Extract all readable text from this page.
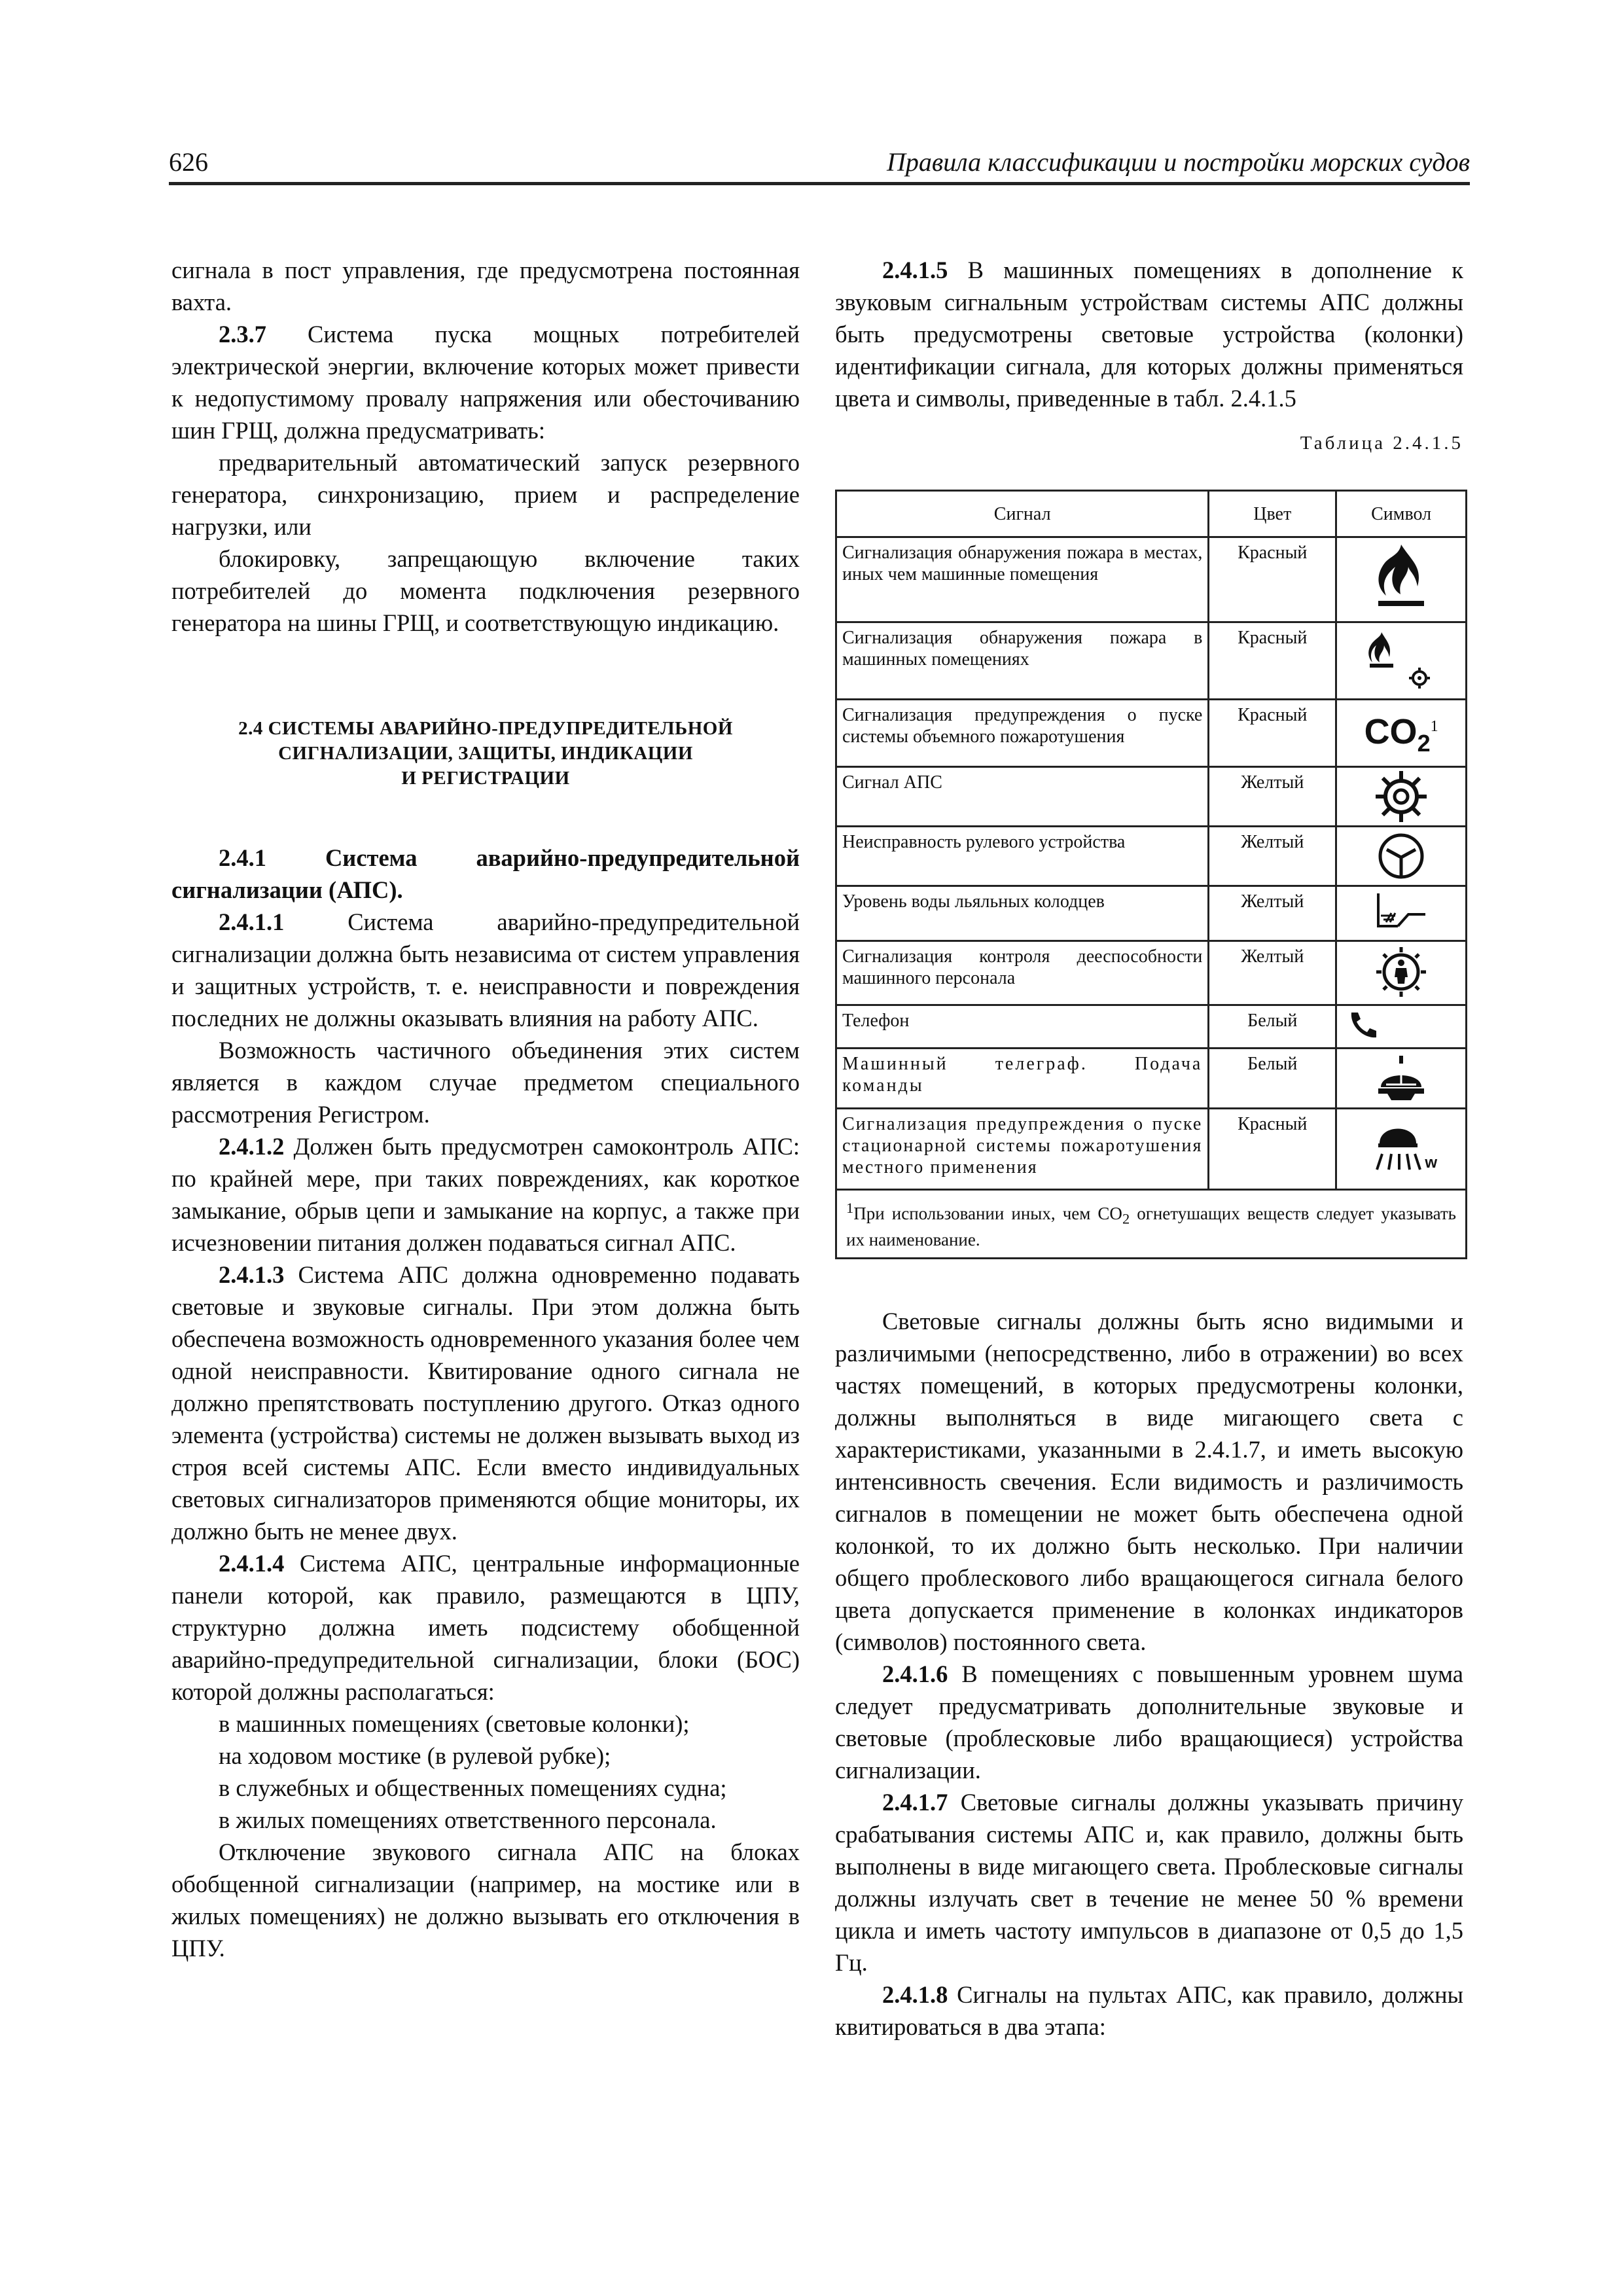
626	Правила классификации и постройки морских судов

сигнала в пост управления, где предусмотрена постоянная вахта.

2.3.7 Система пуска мощных потребителей электрической энергии, включение которых может привести к недопустимому провалу напряжения или обесточиванию шин ГРЩ, должна предусматривать:

предварительный автоматический запуск резервного генератора, синхронизацию, прием и распределение нагрузки, или

блокировку, запрещающую включение таких потребителей до момента подключения резервного генератора на шины ГРЩ, и соответствующую индикацию.

2.4 СИСТЕМЫ АВАРИЙНО-ПРЕДУПРЕДИТЕЛЬНОЙ
СИГНАЛИЗАЦИИ, ЗАЩИТЫ, ИНДИКАЦИИ
И РЕГИСТРАЦИИ

2.4.1 Система аварийно-предупредительной сигнализации (АПС).

2.4.1.1 Система аварийно-предупредительной сигнализации должна быть независима от систем управления и защитных устройств, т. е. неисправности и повреждения последних не должны оказывать влияния на работу АПС.

Возможность частичного объединения этих систем является в каждом случае предметом специального рассмотрения Регистром.

2.4.1.2 Должен быть предусмотрен самоконтроль АПС: по крайней мере, при таких повреждениях, как короткое замыкание, обрыв цепи и замыкание на корпус, а также при исчезновении питания должен подаваться сигнал АПС.

2.4.1.3 Система АПС должна одновременно подавать световые и звуковые сигналы. При этом должна быть обеспечена возможность одновременного указания более чем одной неисправности. Квитирование одного сигнала не должно препятствовать поступлению другого. Отказ одного элемента (устройства) системы не должен вызывать выход из строя всей системы АПС. Если вместо индивидуальных световых сигнализаторов применяются общие мониторы, их должно быть не менее двух.

2.4.1.4 Система АПС, центральные информационные панели которой, как правило, размещаются в ЦПУ, структурно должна иметь подсистему обобщенной аварийно-предупредительной сигнализации, блоки (БОС) которой должны располагаться:

в машинных помещениях (световые колонки);

на ходовом мостике (в рулевой рубке);

в служебных и общественных помещениях судна;

в жилых помещениях ответственного персонала.

Отключение звукового сигнала АПС на блоках обобщенной сигнализации (например, на мостике или в жилых помещениях) не должно вызывать его отключения в ЦПУ.

2.4.1.5 В машинных помещениях в дополнение к звуковым сигнальным устройствам системы АПС должны быть предусмотрены световые устройства (колонки) идентификации сигнала, для которых должны применяться цвета и символы, приведенные в табл. 2.4.1.5

Таблица 2.4.1.5
Сигнал	Цвет	Символ
Сигнализация обнаружения пожара в местах, иных чем машинные помещения	Красный	

Сигнализация обнаружения пожара в машинных помещениях	Красный	

Сигнализация предупреждения о пуске системы объемного пожаротушения	Красный	$CO_2^1$

Сигнал АПС	Желтый	

Неисправность рулевого устройства	Желтый	

Уровень воды льяльных колодцев	Желтый	

Сигнализация контроля дееспособности машинного персонала	Желтый	

Телефон	Белый	

Машинный телеграф. Подача команды	Белый	

Сигнализация предупреждения о пуске стационарной системы пожаротушения местного применения	Красный	w

$^1$При использовании иных, чем $CO_2$ огнетушащих веществ следует указывать их наименование.		

Световые сигналы должны быть ясно видимыми и различимыми (непосредственно, либо в отражении) во всех частях помещений, в которых предусмотрены колонки, должны выполняться в виде мигающего света с характеристиками, указанными в 2.4.1.7, и иметь высокую интенсивность свечения. Если видимость и различимость сигналов в помещении не может быть обеспечена одной колонкой, то их должно быть несколько. При наличии общего проблескового либо вращающегося сигнала белого цвета допускается применение в колонках индикаторов (символов) постоянного света.

2.4.1.6 В помещениях с повышенным уровнем шума следует предусматривать дополнительные звуковые и световые (проблесковые либо вращающиеся) устройства сигнализации.

2.4.1.7 Световые сигналы должны указывать причину срабатывания системы АПС и, как правило, должны быть выполнены в виде мигающего света. Проблесковые сигналы должны излучать свет в течение не менее 50 % времени цикла и иметь частоту импульсов в диапазоне от 0,5 до 1,5 Гц.

2.4.1.8 Сигналы на пультах АПС, как правило, должны квитироваться в два этапа:
